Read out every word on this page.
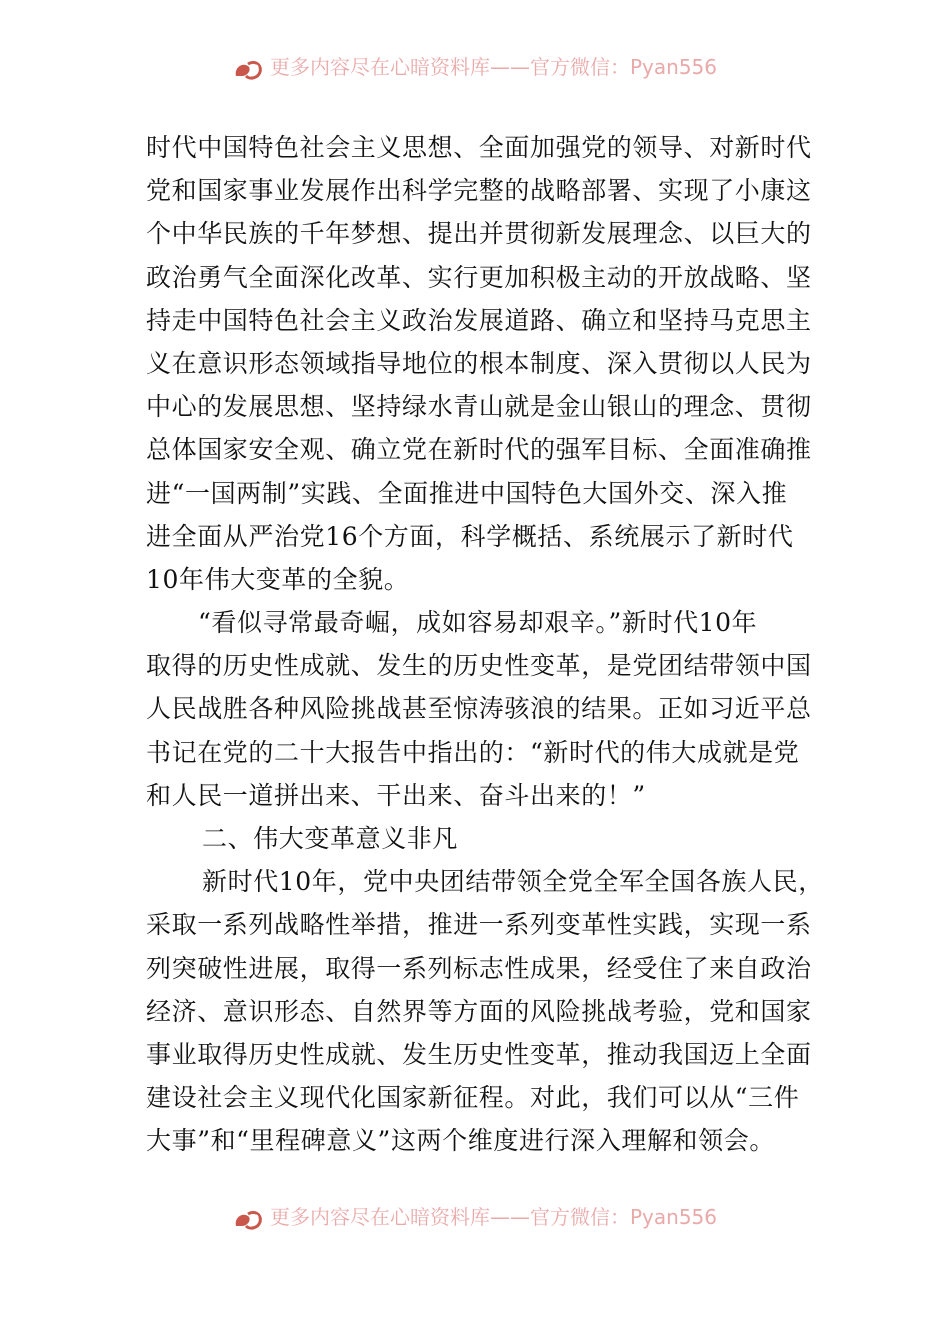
更多内容尽在心暗资料库——官方微信：Pyan556
时代中国特色社会主义思想、全面加强党的领导、对新时代
党和国家事业发展作出科学完整的战略部署、实现了小康这
个中华民族的千年梦想、提出并贯彻新发展理念、以巨大的
政治勇气全面深化改革、实行更加积极主动的开放战略、坚
持走中国特色社会主义政治发展道路、确立和坚持马克思主
义在意识形态领域指导地位的根本制度、深入贯彻以人民为
中心的发展思想、坚持绿水青山就是金山银山的理念、贯彻
总体国家安全观、确立党在新时代的强军目标、全面准确推
进“一国两制”实践、全面推进中国特色大国外交、深入推
进全面从严治党16个方面，科学概括、系统展示了新时代
10年伟大变革的全貌。
“看似寻常最奇崛，成如容易却艰辛。”新时代10年
取得的历史性成就、发生的历史性变革，是党团结带领中国
人民战胜各种风险挑战甚至惊涛骇浪的结果。正如习近平总
书记在党的二十大报告中指出的：“新时代的伟大成就是党
和人民一道拼出来、干出来、奋斗出来的！”
二、伟大变革意义非凡
新时代10年，党中央团结带领全党全军全国各族人民，
采取一系列战略性举措，推进一系列变革性实践，实现一系
列突破性进展，取得一系列标志性成果，经受住了来自政治
经济、意识形态、自然界等方面的风险挑战考验，党和国家
事业取得历史性成就、发生历史性变革，推动我国迈上全面
建设社会主义现代化国家新征程。对此，我们可以从“三件
大事”和“里程碑意义”这两个维度进行深入理解和领会。
更多内容尽在心暗资料库——官方微信：Pyan556
